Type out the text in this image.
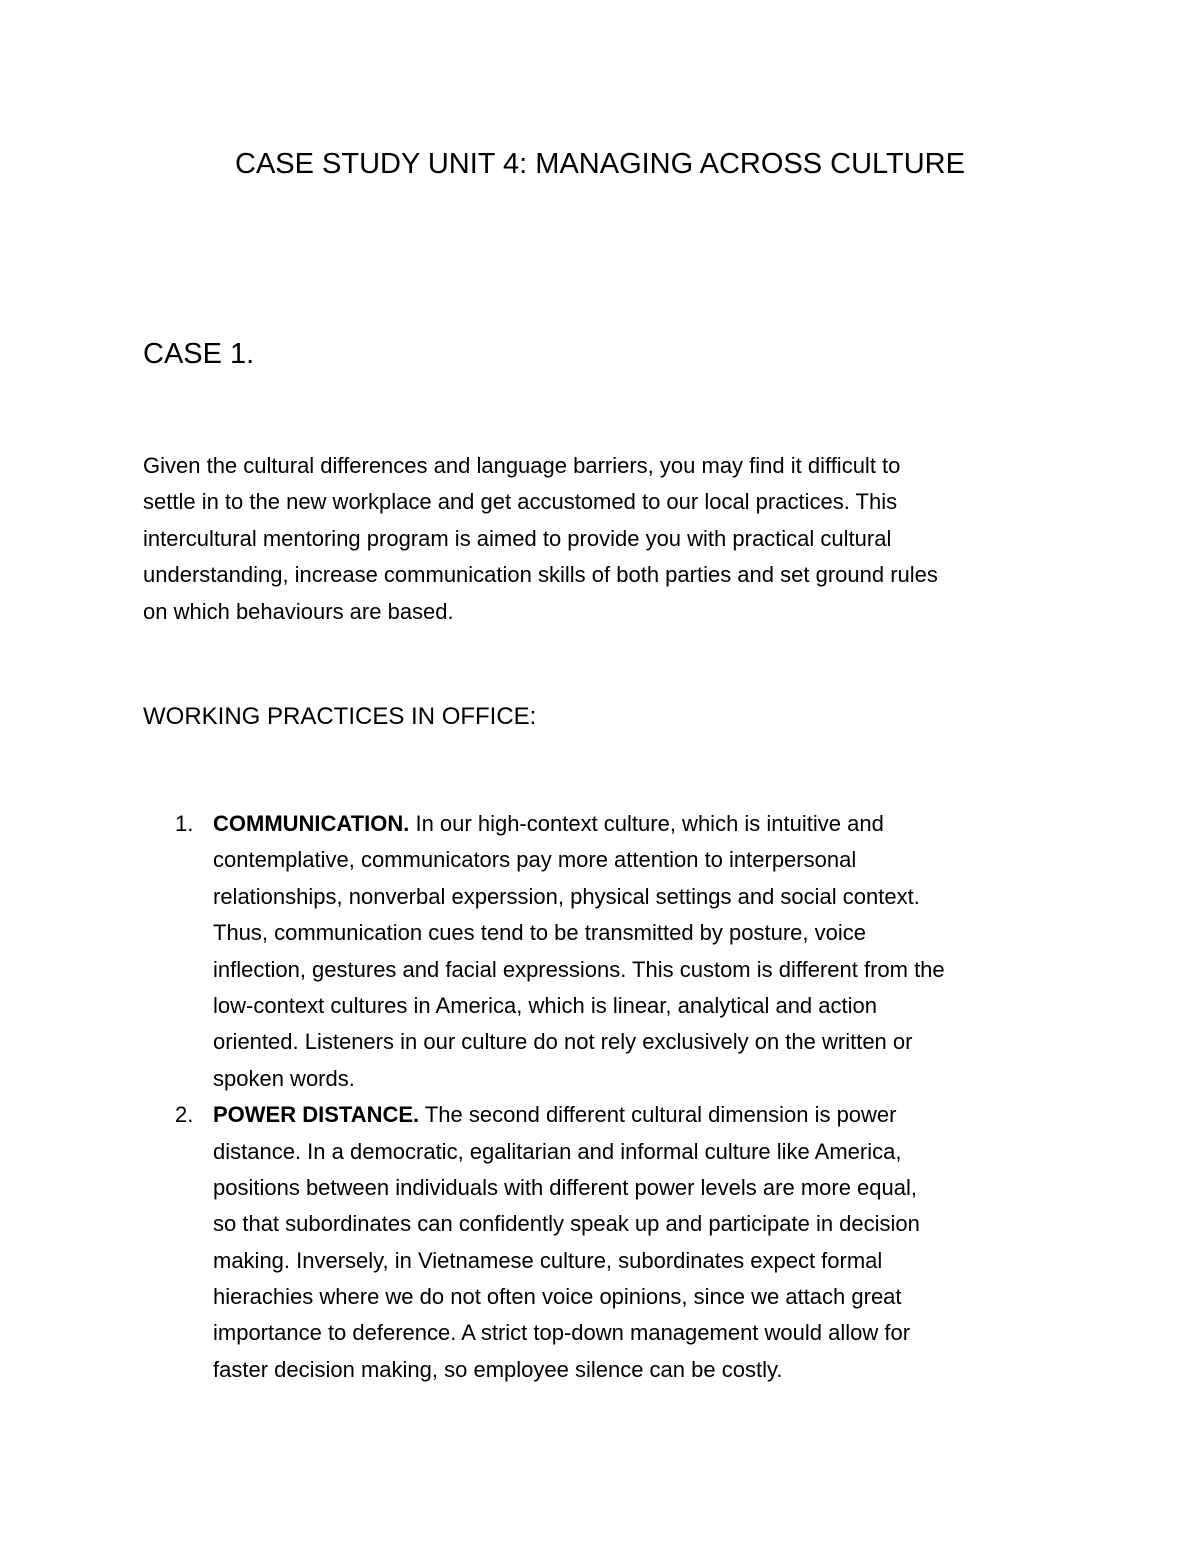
CASE STUDY UNIT 4: MANAGING ACROSS CULTURE
CASE 1.
Given the cultural differences and language barriers, you may find it difficult to
settle in to the new workplace and get accustomed to our local practices. This
intercultural mentoring program is aimed to provide you with practical cultural
understanding, increase communication skills of both parties and set ground rules
on which behaviours are based.
WORKING PRACTICES IN OFFICE:
1. COMMUNICATION. In our high-context culture, which is intuitive and
contemplative, communicators pay more attention to interpersonal
relationships, nonverbal experssion, physical settings and social context.
Thus, communication cues tend to be transmitted by posture, voice
inflection, gestures and facial expressions. This custom is different from the
low-context cultures in America, which is linear, analytical and action
oriented. Listeners in our culture do not rely exclusively on the written or
spoken words.
2. POWER DISTANCE. The second different cultural dimension is power
distance. In a democratic, egalitarian and informal culture like America,
positions between individuals with different power levels are more equal,
so that subordinates can confidently speak up and participate in decision
making. Inversely, in Vietnamese culture, subordinates expect formal
hierachies where we do not often voice opinions, since we attach great
importance to deference. A strict top-down management would allow for
faster decision making, so employee silence can be costly.
